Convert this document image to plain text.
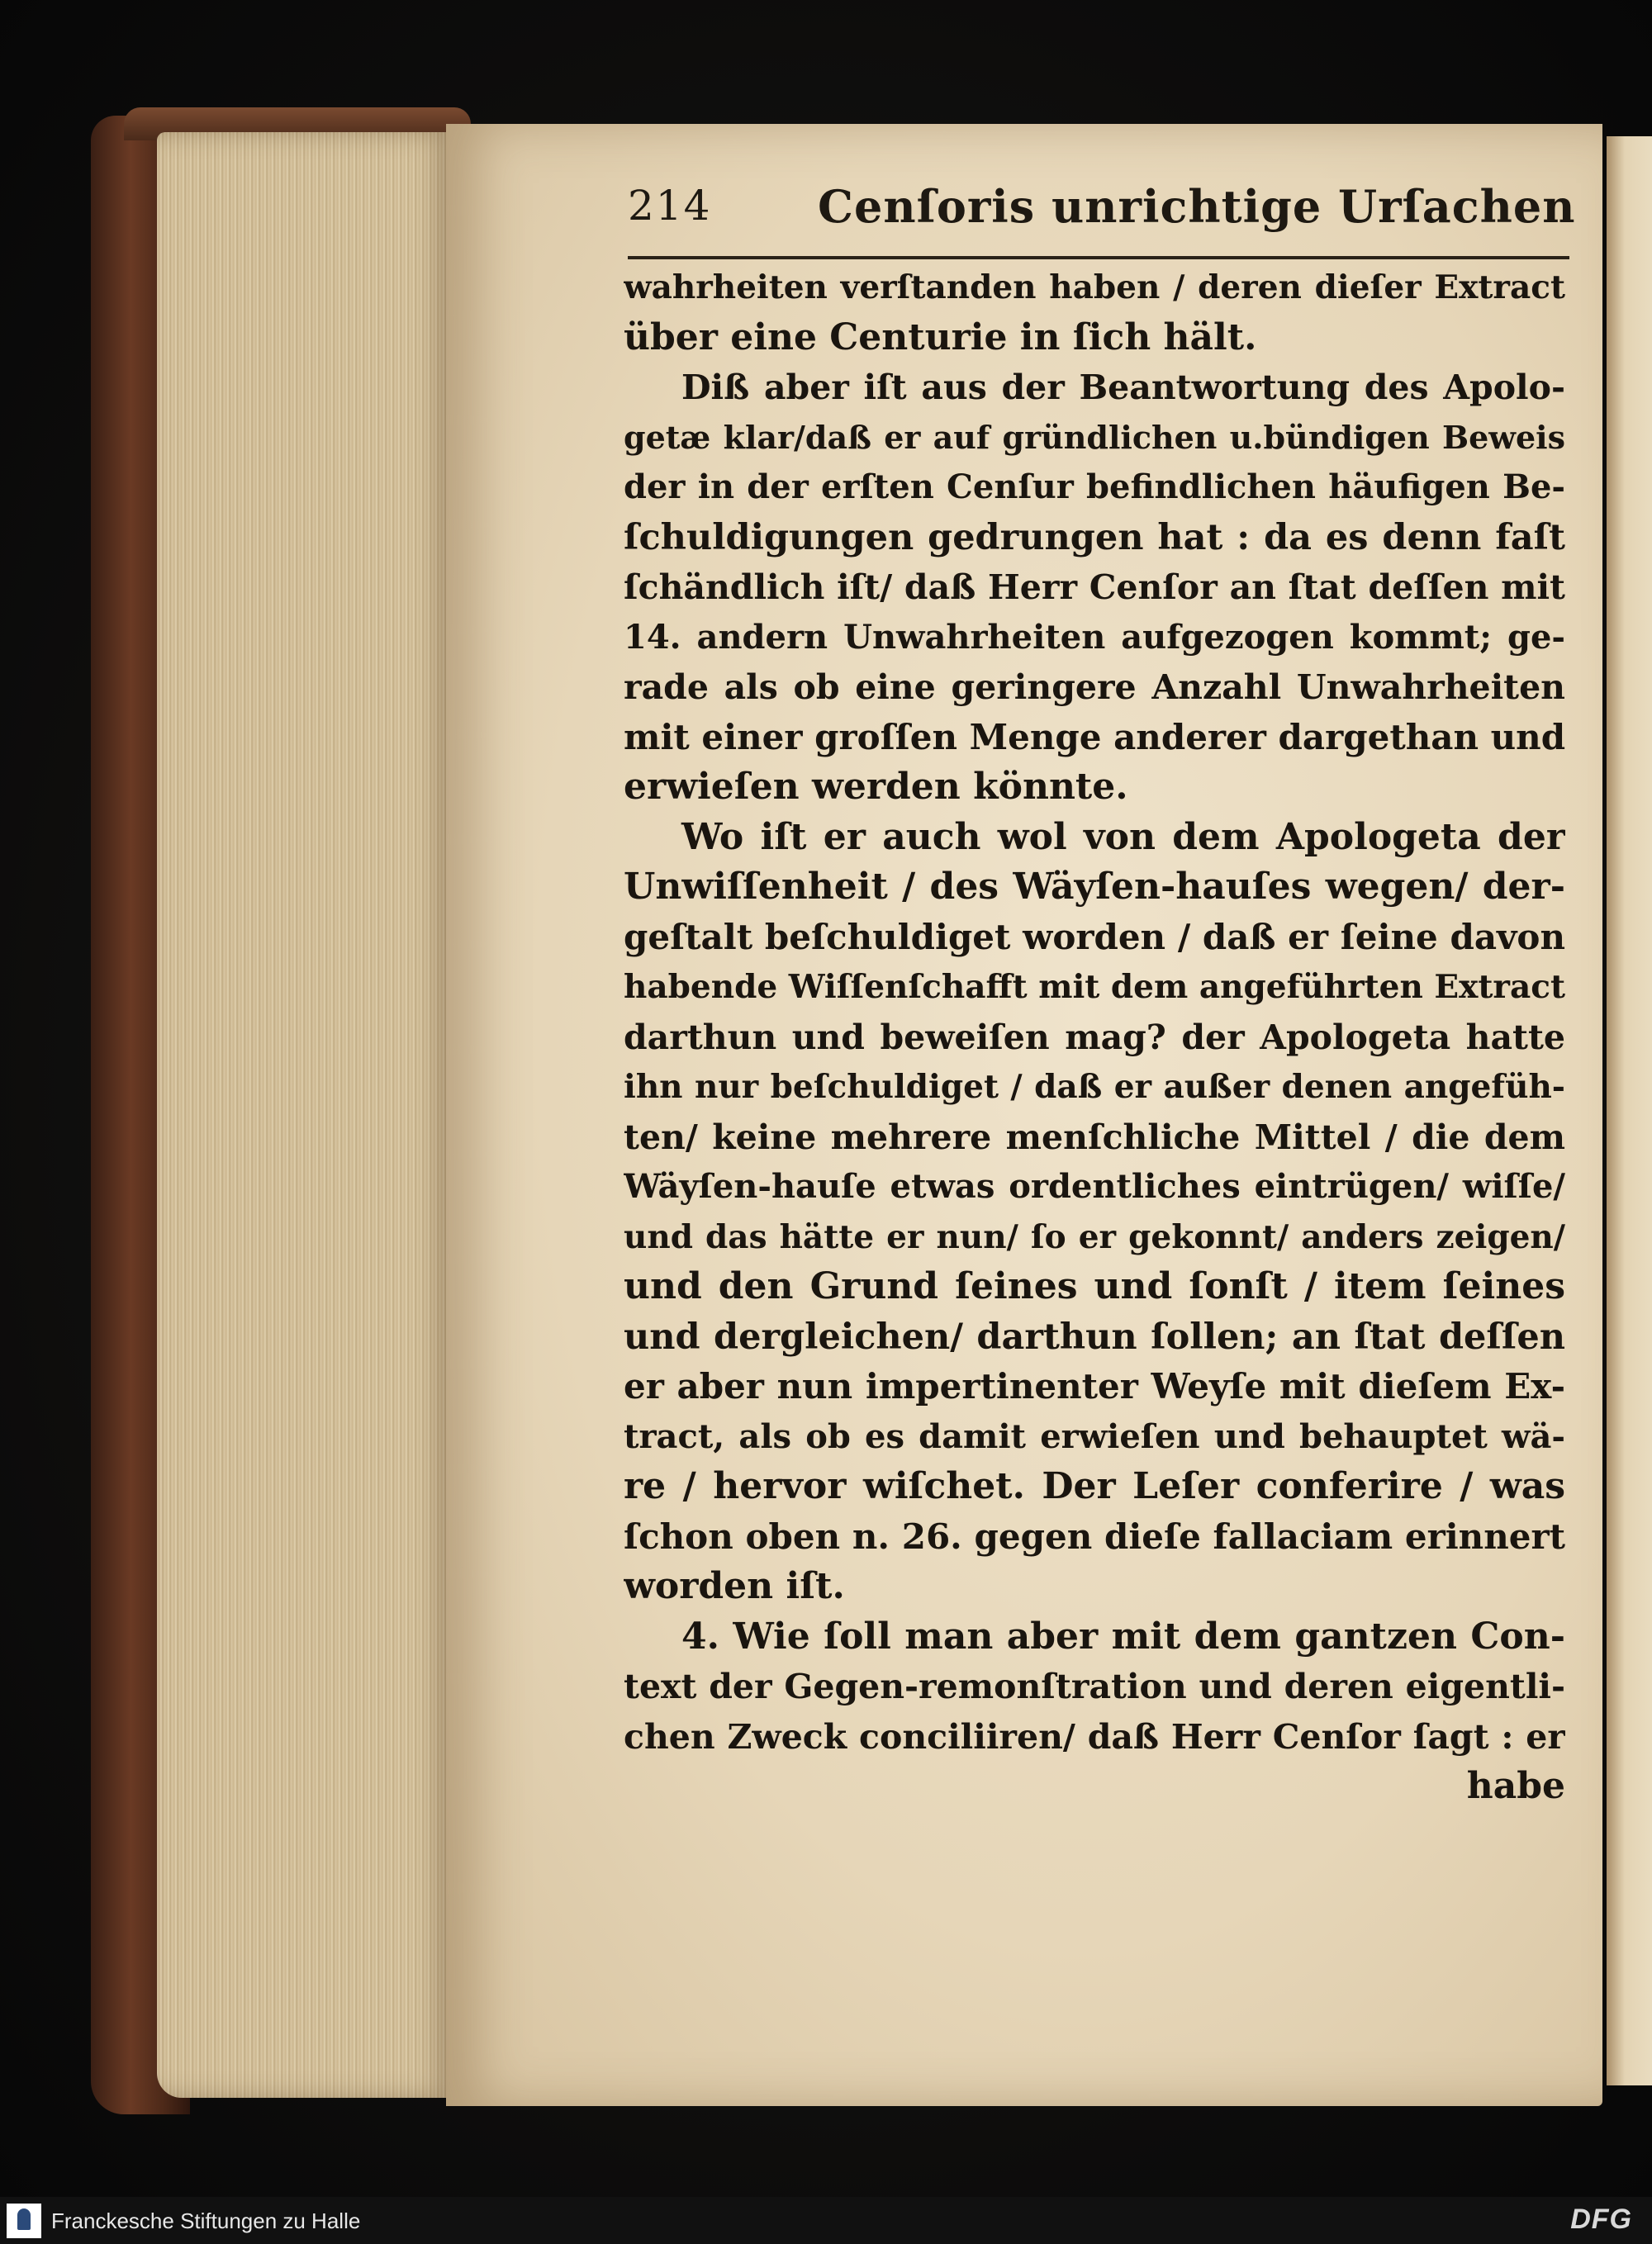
214 Cenſoris unrichtige Urſachen
wahrheiten verſtanden haben / deren dieſer Extract
über eine Centurie in ſich hält.
Diß aber iſt aus der Beantwortung des Apolo-
getæ klar/daß er auf gründlichen u.bündigen Beweis
der in der erſten Cenſur befindlichen häufigen Be-
ſchuldigungen gedrungen hat : da es denn faſt
ſchändlich iſt/ daß Herr Cenſor an ſtat deſſen mit
14. andern Unwahrheiten aufgezogen kommt; ge-
rade als ob eine geringere Anzahl Unwahrheiten
mit einer groſſen Menge anderer dargethan und
erwieſen werden könnte.
Wo iſt er auch wol von dem Apologeta der
Unwiſſenheit / des Wäyſen-hauſes wegen/ der-
geſtalt beſchuldiget worden / daß er ſeine davon
habende Wiſſenſchafft mit dem angeführten Extract
darthun und beweiſen mag? der Apologeta hatte
ihn nur beſchuldiget / daß er außer denen angefüh-
ten/ keine mehrere menſchliche Mittel / die dem
Wäyſen-hauſe etwas ordentliches eintrügen/ wiſſe/
und das hätte er nun/ ſo er gekonnt/ anders zeigen/
und den Grund ſeines und ſonſt / item ſeines
und dergleichen/ darthun ſollen; an ſtat deſſen
er aber nun impertinenter Weyſe mit dieſem Ex-
tract, als ob es damit erwieſen und behauptet wä-
re / hervor wiſchet. Der Leſer conferire / was
ſchon oben n. 26. gegen dieſe fallaciam erinnert
worden iſt.
4. Wie ſoll man aber mit dem gantzen Con-
text der Gegen-remonſtration und deren eigentli-
chen Zweck conciliiren/ daß Herr Cenſor ſagt : er
habe
Franckesche Stiftungen zu Halle	DFG
